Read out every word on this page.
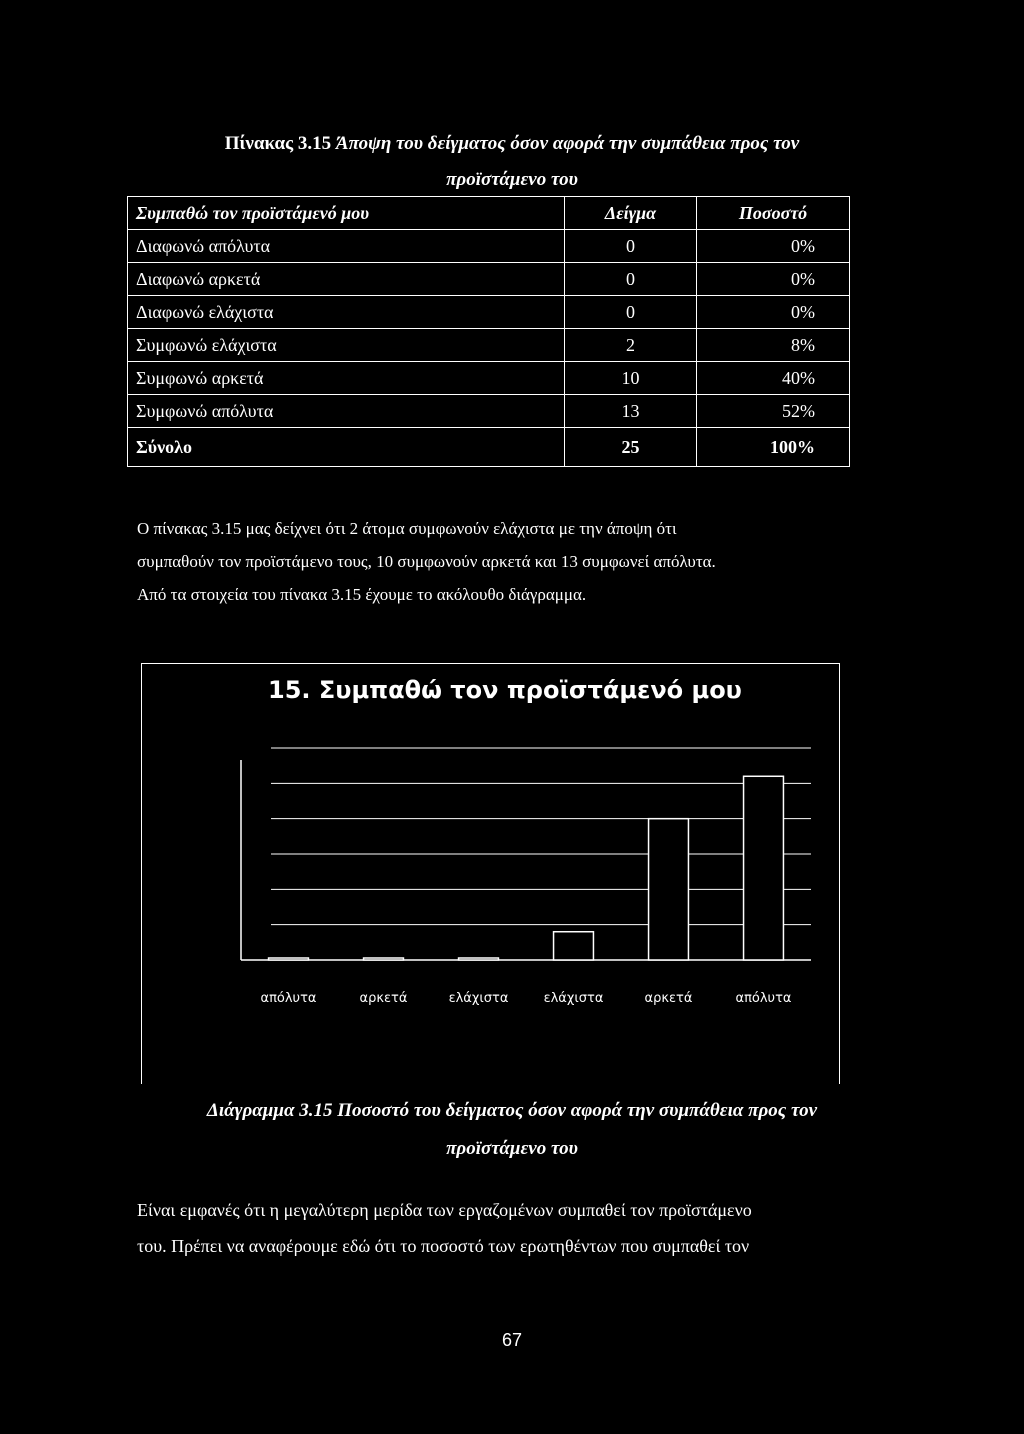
Πίνακας 3.15 Άποψη του δείγματος όσον αφορά την συμπάθεια προς τον
προϊστάμενο του
Συμπαθώ τον προϊστάμενό μου	Δείγμα	Ποσοστό
Διαφωνώ απόλυτα	0	0%
Διαφωνώ αρκετά	0	0%
Διαφωνώ ελάχιστα	0	0%
Συμφωνώ ελάχιστα	2	8%
Συμφωνώ αρκετά	10	40%
Συμφωνώ απόλυτα	13	52%
Σύνολο	25	100%
Ο πίνακας 3.15 μας δείχνει ότι 2 άτομα συμφωνούν ελάχιστα με την άποψη ότι
συμπαθούν τον προϊστάμενο τους, 10 συμφωνούν αρκετά και 13 συμφωνεί απόλυτα.
Από τα στοιχεία του πίνακα 3.15 έχουμε το ακόλουθο διάγραμμα.
15. Συμπαθώ τον προϊστάμενό μου
απόλυτα	αρκετά	ελάχιστα	ελάχιστα	αρκετά	απόλυτα
Διάγραμμα 3.15 Ποσοστό του δείγματος όσον αφορά την συμπάθεια προς τον
προϊστάμενο του
Είναι εμφανές ότι η μεγαλύτερη μερίδα των εργαζομένων συμπαθεί τον προϊστάμενο
του. Πρέπει να αναφέρουμε εδώ ότι το ποσοστό των ερωτηθέντων που συμπαθεί τον
67
